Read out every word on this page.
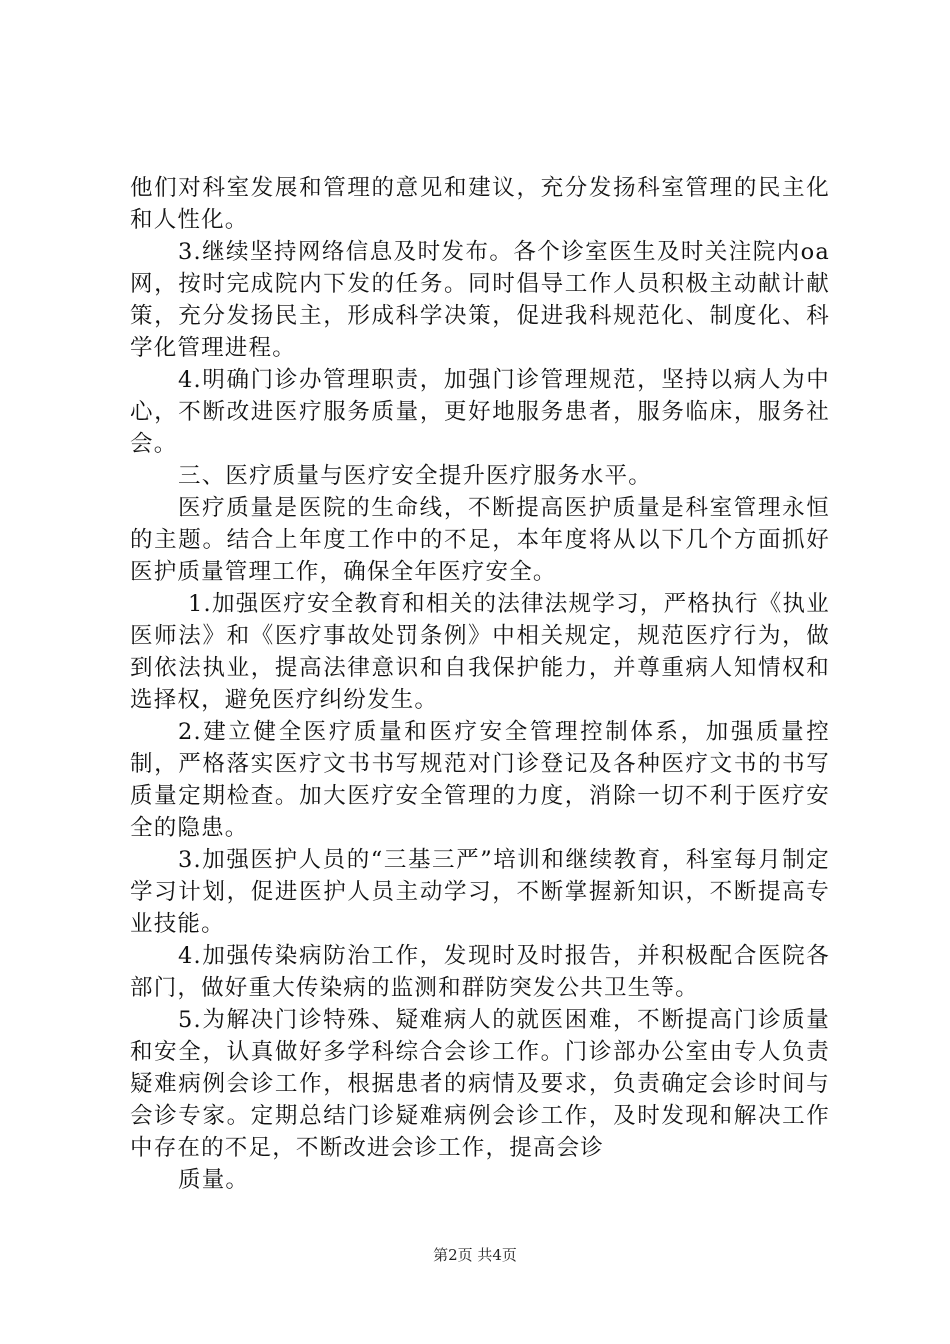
他们对科室发展和管理的意见和建议，充分发扬科室管理的民主化和人性化。

3.继续坚持网络信息及时发布。各个诊室医生及时关注院内oa网，按时完成院内下发的任务。同时倡导工作人员积极主动献计献策，充分发扬民主，形成科学决策，促进我科规范化、制度化、科学化管理进程。

4.明确门诊办管理职责，加强门诊管理规范，坚持以病人为中心，不断改进医疗服务质量，更好地服务患者，服务临床，服务社会。

三、医疗质量与医疗安全提升医疗服务水平。

医疗质量是医院的生命线，不断提高医护质量是科室管理永恒的主题。结合上年度工作中的不足，本年度将从以下几个方面抓好医护质量管理工作，确保全年医疗安全。

1.加强医疗安全教育和相关的法律法规学习，严格执行《执业医师法》和《医疗事故处罚条例》中相关规定，规范医疗行为，做到依法执业，提高法律意识和自我保护能力，并尊重病人知情权和选择权，避免医疗纠纷发生。

2.建立健全医疗质量和医疗安全管理控制体系，加强质量控制，严格落实医疗文书书写规范对门诊登记及各种医疗文书的书写质量定期检查。加大医疗安全管理的力度，消除一切不利于医疗安全的隐患。

3.加强医护人员的“三基三严”培训和继续教育，科室每月制定学习计划，促进医护人员主动学习，不断掌握新知识，不断提高专业技能。

4.加强传染病防治工作，发现时及时报告，并积极配合医院各部门，做好重大传染病的监测和群防突发公共卫生等。

5.为解决门诊特殊、疑难病人的就医困难，不断提高门诊质量和安全，认真做好多学科综合会诊工作。门诊部办公室由专人负责疑难病例会诊工作，根据患者的病情及要求，负责确定会诊时间与会诊专家。定期总结门诊疑难病例会诊工作，及时发现和解决工作中存在的不足，不断改进会诊工作，提高会诊

质量。

第2页 共4页
